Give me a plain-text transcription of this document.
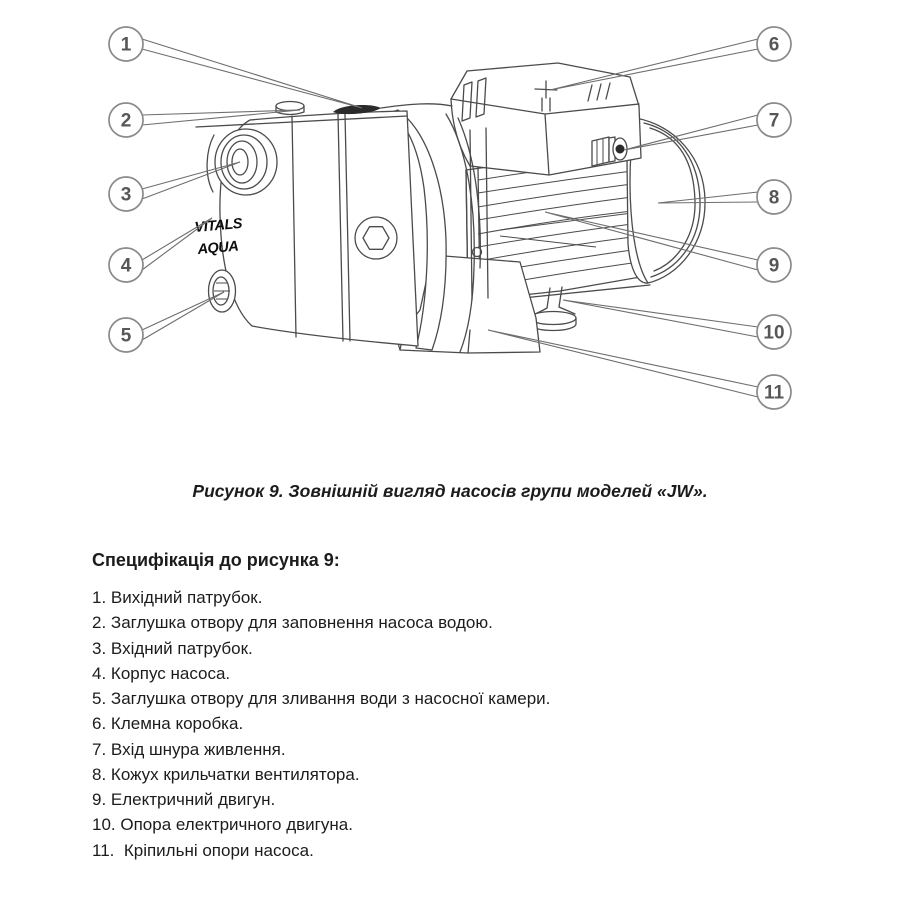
VITALS
AQUA
1
2
3
4
5
6
7
8
9
10
11
Рисунок 9. Зовнішній вигляд насосів групи моделей «JW».
Специфікація до рисунка 9:
1. Вихідний патрубок.
2. Заглушка отвору для заповнення насоса водою.
3. Вхідний патрубок.
4. Корпус насоса.
5. Заглушка отвору для зливання води з насосної камери.
6. Клемна коробка.
7. Вхід шнура живлення.
8. Кожух крильчатки вентилятора.
9. Електричний двигун.
10. Опора електричного двигуна.
11.  Кріпильні опори насоса.
